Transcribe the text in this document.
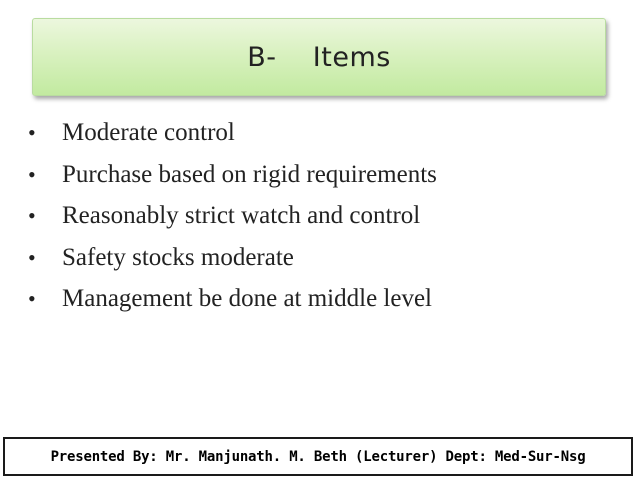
B-    Items
•	Moderate control
•	Purchase based on rigid requirements
•	Reasonably strict watch and control
•	Safety stocks moderate
•	Management be done at middle level
Presented By: Mr. Manjunath. M. Beth (Lecturer) Dept: Med-Sur-Nsg
